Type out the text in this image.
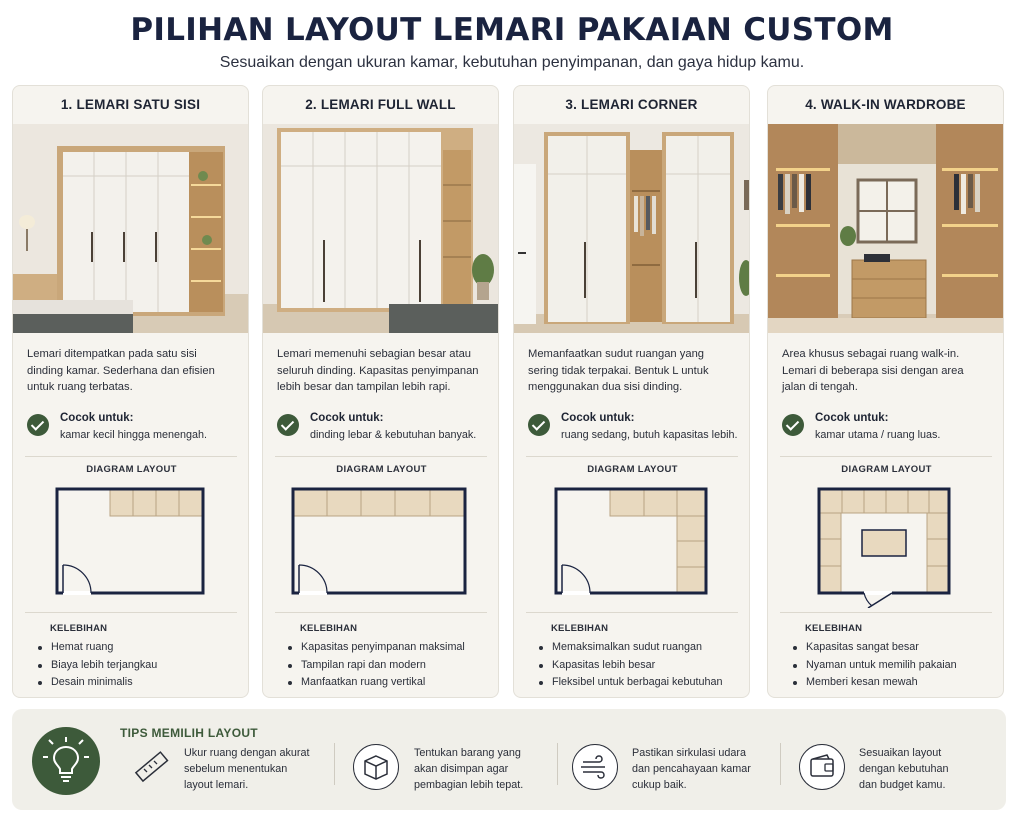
PILIHAN LAYOUT LEMARI PAKAIAN CUSTOM
Sesuaikan dengan ukuran kamar, kebutuhan penyimpanan, dan gaya hidup kamu.
1. LEMARI SATU SISI
Lemari ditempatkan pada satu sisi
dinding kamar. Sederhana dan efisien
untuk ruang terbatas.
Cocok untuk:
kamar kecil hingga menengah.
DIAGRAM LAYOUT
KELEBIHAN
Hemat ruang
Biaya lebih terjangkau
Desain minimalis
2. LEMARI FULL WALL
Lemari memenuhi sebagian besar atau
seluruh dinding. Kapasitas penyimpanan
lebih besar dan tampilan lebih rapi.
Cocok untuk:
dinding lebar & kebutuhan banyak.
DIAGRAM LAYOUT
KELEBIHAN
Kapasitas penyimpanan maksimal
Tampilan rapi dan modern
Manfaatkan ruang vertikal
3. LEMARI CORNER
Memanfaatkan sudut ruangan yang
sering tidak terpakai. Bentuk L untuk
menggunakan dua sisi dinding.
Cocok untuk:
ruang sedang, butuh kapasitas lebih.
DIAGRAM LAYOUT
KELEBIHAN
Memaksimalkan sudut ruangan
Kapasitas lebih besar
Fleksibel untuk berbagai kebutuhan
4. WALK-IN WARDROBE
Area khusus sebagai ruang walk-in.
Lemari di beberapa sisi dengan area
jalan di tengah.
Cocok untuk:
kamar utama / ruang luas.
DIAGRAM LAYOUT
KELEBIHAN
Kapasitas sangat besar
Nyaman untuk memilih pakaian
Memberi kesan mewah
TIPS MEMILIH LAYOUT
Ukur ruang dengan akurat
sebelum menentukan
layout lemari.
Tentukan barang yang
akan disimpan agar
pembagian lebih tepat.
Pastikan sirkulasi udara
dan pencahayaan kamar
cukup baik.
Sesuaikan layout
dengan kebutuhan
dan budget kamu.
